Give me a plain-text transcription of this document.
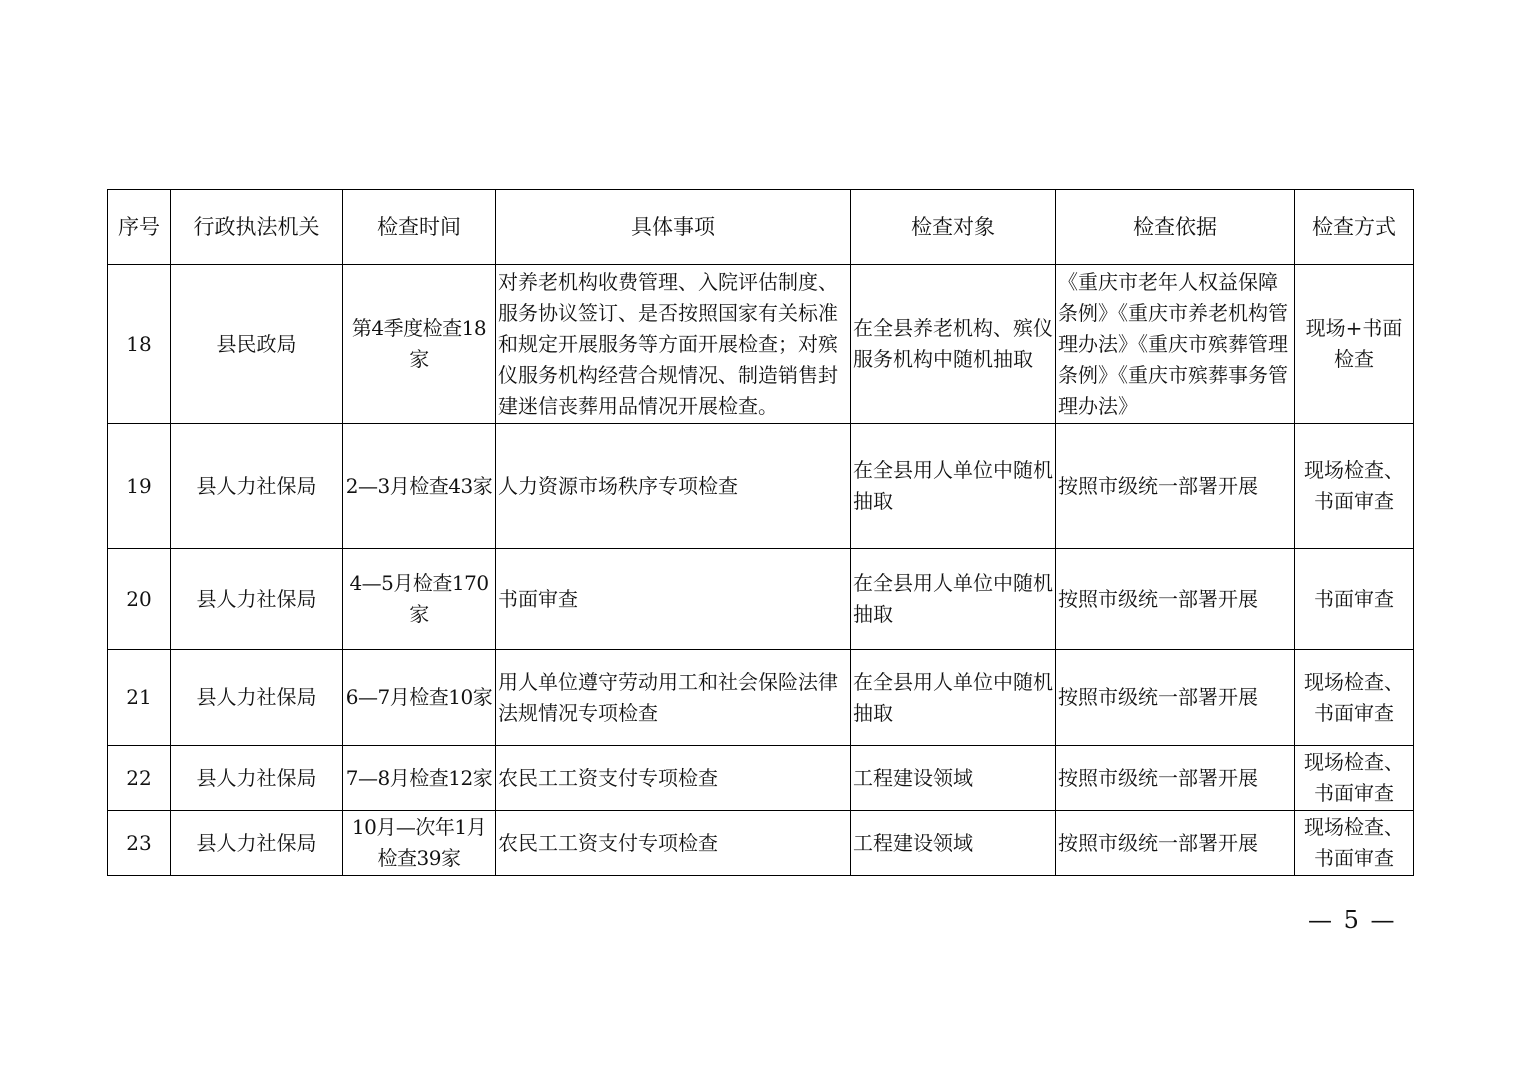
序号	行政执法机关	检查时间	具体事项	检查对象	检查依据	检查方式
18	县民政局	第4季度检查18家	对养老机构收费管理、入院评估制度、服务协议签订、是否按照国家有关标准和规定开展服务等方面开展检查；对殡仪服务机构经营合规情况、制造销售封建迷信丧葬用品情况开展检查。	在全县养老机构、殡仪服务机构中随机抽取	《重庆市老年人权益保障条例》《重庆市养老机构管理办法》《重庆市殡葬管理条例》《重庆市殡葬事务管理办法》	现场+书面检查
19	县人力社保局	2—3月检查43家	人力资源市场秩序专项检查	在全县用人单位中随机抽取	按照市级统一部署开展	现场检查、书面审查
20	县人力社保局	4—5月检查170家	书面审查	在全县用人单位中随机抽取	按照市级统一部署开展	书面审查
21	县人力社保局	6—7月检查10家	用人单位遵守劳动用工和社会保险法律法规情况专项检查	在全县用人单位中随机抽取	按照市级统一部署开展	现场检查、书面审查
22	县人力社保局	7—8月检查12家	农民工工资支付专项检查	工程建设领域	按照市级统一部署开展	现场检查、书面审查
23	县人力社保局	10月—次年1月检查39家	农民工工资支付专项检查	工程建设领域	按照市级统一部署开展	现场检查、书面审查
— 5 —
